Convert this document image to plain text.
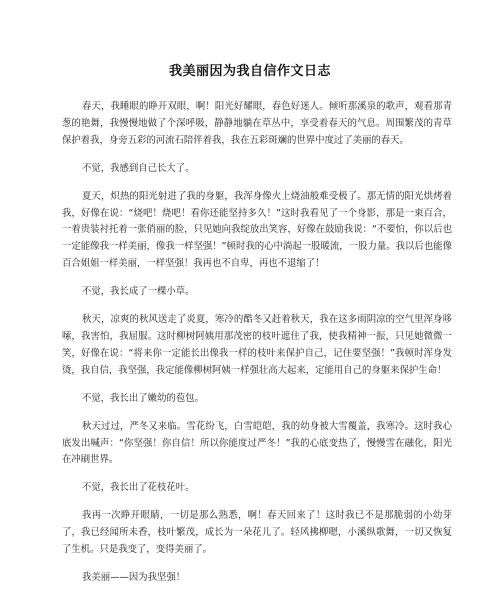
我美丽因为我自信作文日志

春天，我睡眼的睁开双眼，啊！阳光好耀眼，春色好迷人。倾听那溪泉的歌声，观看那青葱的艳舞，我慢慢地做了个深呼吸，静静地躺在草丛中，享受着春天的气息。周围繁茂的青草保护着我，身旁五彩的河流石陪伴着我，我在五彩斑斓的世界中度过了美丽的春天。

不觉，我感到自己长大了。

夏天，炽热的阳光射进了我的身躯，我浑身像火上烧油般难受极了。那无情的阳光烘烤着我，好像在说：“烧吧！烧吧！看你还能坚持多久！”这时我看见了一个身影，那是一束百合，一着贵装衬托着一张俏丽的脸，只见她向我绽放出笑容，好像在鼓励我说：“不要怕，你以后也一定能像我一样美丽，像我一样坚强！”顿时我的心中淌起一股暖流，一股力量。我以后也能像百合姐姐一样美丽，一样坚强！我再也不自卑，再也不退缩了！

不觉，我长成了一棵小草。

秋天，凉爽的秋风送走了炎夏，寒冷的酷冬又赶着秋天，我在这多雨阴凉的空气里浑身哆嗦，我害怕，我屈服。这时柳树阿姨用那茂密的枝叶遮住了我，使我精神一振，只见她微微一笑，好像在说：“将来你一定能长出像我一样的枝叶来保护自己，记住要坚强！”我顿时浑身发烫，我自信，我坚强，我定能像柳树阿姨一样强壮高大起来，定能用自己的身躯来保护生命！

不觉，我长出了嫩幼的苞包。

秋天过过，严冬又来临。雪花纷飞，白雪皑皑，我的幼身被大雪覆盖，我寒冷。这时我心底发出喊声：“你坚强！你自信！所以你能度过严冬！”我的心底变热了，慢慢雪在融化，阳光在冲刷世界。

不觉，我长出了花枝花叶。

我再一次睁开眼睛，一切是那么熟悉，啊！春天回来了！这时我已不是那脆弱的小幼芽了，我已经闻所未香，枝叶繁茂，成长为一朵花儿了。轻风拂柳嗯，小溪纵歌舞，一切又恢复了生机。只是我变了，变得美丽了。

我美丽——因为我坚强！
